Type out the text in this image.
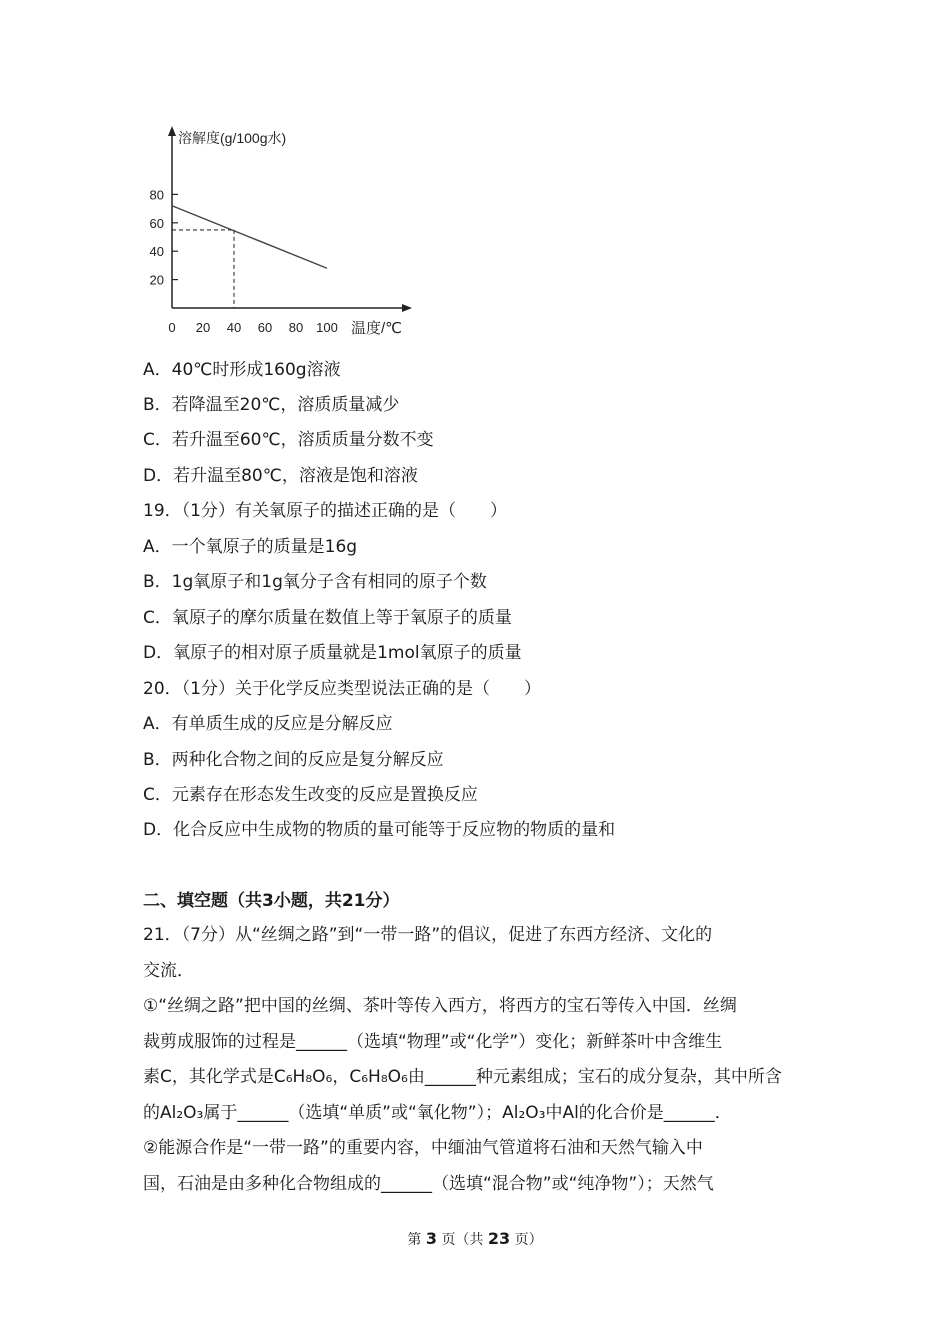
溶解度(g/100g水)
温度/℃
0 20 40 60 80 100
20
40
60
80
A．40℃时形成160g溶液
B．若降温至20℃，溶质质量减少
C．若升温至60℃，溶质质量分数不变
D．若升温至80℃，溶液是饱和溶液
19．（1分）有关氧原子的描述正确的是（　　）
A．一个氧原子的质量是16g
B．1g氧原子和1g氧分子含有相同的原子个数
C．氧原子的摩尔质量在数值上等于氧原子的质量
D．氧原子的相对原子质量就是1mol氧原子的质量
20．（1分）关于化学反应类型说法正确的是（　　）
A．有单质生成的反应是分解反应
B．两种化合物之间的反应是复分解反应
C．元素存在形态发生改变的反应是置换反应
D．化合反应中生成物的物质的量可能等于反应物的物质的量和
二、填空题（共3小题，共21分）
21．（7分）从“丝绸之路”到“一带一路”的倡议，促进了东西方经济、文化的
交流．
①“丝绸之路”把中国的丝绸、茶叶等传入西方，将西方的宝石等传入中国．丝绸
裁剪成服饰的过程是______（选填“物理”或“化学”）变化；新鲜茶叶中含维生
素C，其化学式是C₆H₈O₆，C₆H₈O₆由______种元素组成；宝石的成分复杂，其中所含
的Al₂O₃属于______（选填“单质”或“氧化物”）；Al₂O₃中Al的化合价是______．
②能源合作是“一带一路”的重要内容，中缅油气管道将石油和天然气输入中
国，石油是由多种化合物组成的______（选填“混合物”或“纯净物”）；天然气
第 3 页（共 23 页）
